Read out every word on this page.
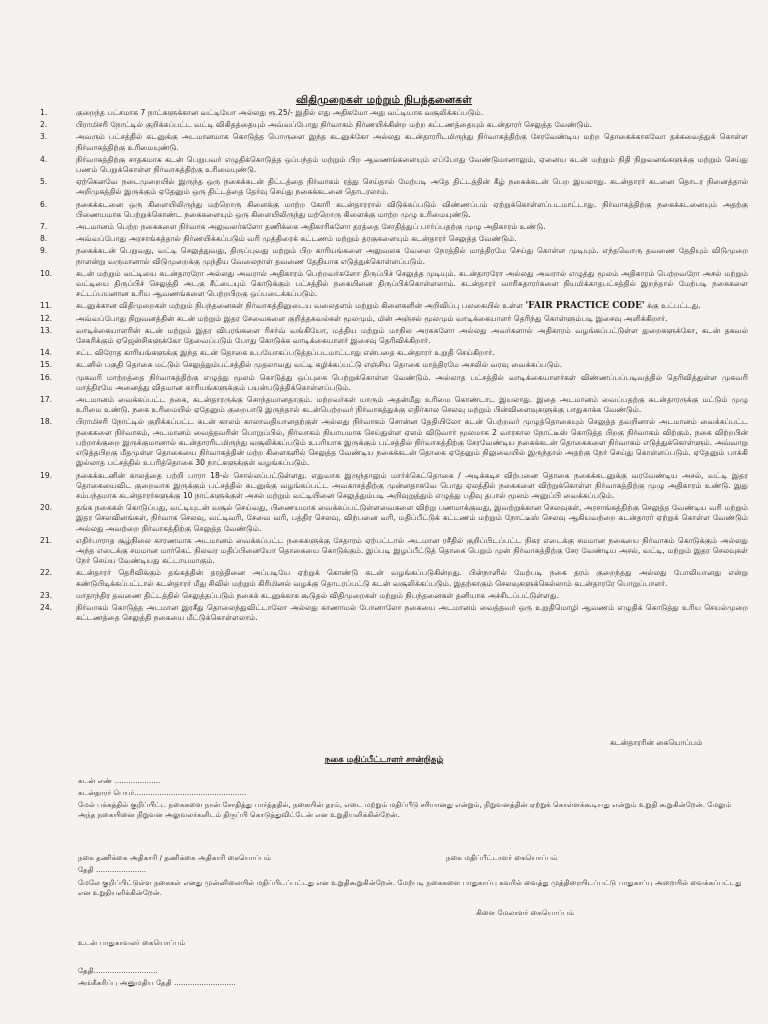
விதிமுறைகள் மற்றும் நிபந்தனைகள்
1.	குறைந்த பட்சமாக 7 நாட்களுக்கான வட்டியோ அல்லது ரூ.25/- இதில் எது அதிகமோ அது வட்டியாக வசூலிக்கப்படும்.
2.	பிராமிசரி நோட்டில் குறிக்கப்பட்ட வட்டி விகிதத்தையும் அவ்வப்போது நிர்வாகம் நிர்ணயிக்கின்ற மற்ற கட்டணத்தையும் கடன்தாரர் செலுத்த வேண்டும்.
3.	அவரும் பட்சத்தில் கடனுக்கு அடமானமாக கொடுத்த பொருளை இந்த கடனுக்கோ அல்லது கடன்தாரரிடமிருந்து நிர்வாகத்திற்கு சேரவேண்டிய மற்ற தொகைக்காகவோ தக்கவைத்துக் கொள்ள நிர்வாகத்திற்கு உரிமையுண்டு.
4.	நிர்வாகத்திற்கு சாதகமாக கடன் பெறுபவர் எழுதிக்கொடுத்த ஒப்பந்தம் மற்றும் பிற ஆவணங்களையும் எப்போது வேண்டுமானாலும், ஏனைய கடன் மற்றும் நிதி நிறுவனங்களுக்கு மற்றும் செய்து பணம் பெறுக்கொள்ள நிர்வாகத்திற்கு உரிமையுண்டு.
5.	ஏற்கெனவே நடைமுறையில் இருந்த ஒரு நகைக்கடன் திட்டத்தை நிர்வாகம் ரத்து செய்தால் மேற்படி அதே திட்டத்தின் கீழ் நகைக்கடன் பெற இயலாது. கடன்தாரர் கடனை தொடர நினைத்தால் அறிமுகத்தில் இருக்கும் ஏதேனும் ஒரு திட்டத்தை தேர்வு செய்து நகைக்கடனை தொடரலாம்.
6.	நகைக்கடனை ஒரு கிளையிலிருந்து மற்றொரு கிளைக்கு மாற்ற கோரி கடன்தாரரால் விடுக்கப்படும் விண்ணப்பம் ஏற்றுக்கொள்ளப்படமாட்டாது. நிர்வாகத்திற்கு நகைக்கடனையும் அதற்கு பிணையமாக பெற்றுக்கொண்ட நகைகளையும் ஒரு கிளையிலிருந்து மற்றொரு கிளைக்கு மாற்ற முழு உரிமையுண்டு.
7.	அடமானம் பெற்ற நகைகளை நிர்வாக அலுவலர்களோ தணிக்கை அதிகாரிகளோ தரத்தை சோதித்துப் பார்ப்பதற்கு முழு அதிகாரம் உண்டு.
8.	அவ்வப்போது அரசாங்கத்தால் நிர்ணயிக்கப்படும் வரி முத்திரைக் கட்டணம் மற்றும் தரகுகளையும் கடன்தாரர் செலுத்த வேண்டும்.
9.	நகைக்கடன் பெறுவது, வட்டி செலுத்துவது, திருப்புவது மற்றும் பிற காரியங்களை அலுவலக வேலை நேரத்தில் மாத்திரமே செய்து கொள்ள முடியும். எந்தவொரு தவணை தேதியும் விடுமுறை நாளன்று வருமானால் விடுமுறைக்கு முந்திய வேலைநாள் தவணை தேதியாக எடுத்துக்கொள்ளப்படும்.
10.	கடன் மற்றும் வட்டியை கடன்தாரரோ அல்லது அவரால் அதிகாரம் பெற்றவர்களோ திருப்பிச் செலுத்த முடியும். கடன்தாரரோ அல்லது அவரால் எழுத்து மூலம் அதிகாரம் பெற்றவரோ அசல் மற்றும் வட்டியை திருப்பிச் செலுத்தி அடகு சீட்டையும் கொடுக்கும் பட்சத்தில் நகையினை திருப்பிக்கொள்ளலாம். கடன்தாரர் வாரிசுதாரர்களை நியமிக்காதபட்சத்தில் இறந்தால் மேற்படி நகைகளை சட்டப்பயனான உரிய ஆவணங்களை பெற்றபிறகு ஒப்படைக்கப்படும்.
11.	கடனுக்கான விதிமுறைகள் மற்றும் நிபந்தனைகள் நிர்வாகத்தினுடைய வலைதளம் மற்றும் கிளைகளின் அறிவிப்பு பலகையில் உள்ள 'FAIR PRACTICE CODE' க்கு உட்பட்டது.
12.	அவ்வப்போது நிறுவனத்தின் கடன் மற்றும் இதர சேவைகளை குறித்தகவல்கள் மூலமும், மின் அஞ்சல் மூலமும் வாடிக்கையாளர் தெரிந்து கொள்ளும்படி இசைவு அளிக்கிறார்.
13.	வாடிக்கையாளரின் கடன் மற்றும் இதர விபரங்களை ரிசர்வ் வங்கியோ, மத்திய மற்றும் மாநில அரசுகளோ அல்லது அவர்களால் அதிகாரம் வழங்கப்பட்டுள்ள துறைகளுக்கோ, கடன் தகவல் சேகரிக்கும் ஏஜென்சிகளுக்கோ தேவைப்படும் போது கொடுக்க வாடிக்கையாளர் இசைவு தெரிவிக்கிறார்.
14.	சட்ட விரோத காரியங்களுக்கு இந்த கடன் தொகை உபயோகப்படுத்தப்படமாட்டாது என்பதை கடன்தாரர் உறுதி செய்கிறார்.
15.	கடனில் பகுதி தொகை மட்டும் செலுத்தும்பட்சத்தில் முதலாவது வட்டி கழிக்கப்பட்டு எஞ்சிய தொகை மாத்திரமே அசலில் வரவு வைக்கப்படும்.
16.	முகவரி மாற்றத்தை நிர்வாகத்திற்கு எழுத்து மூலம் கொடுத்து ஒப்புகை பெற்றுக்கொள்ள வேண்டும். அல்லாத பட்சத்தில் வாடிக்கையாளர்கள் விண்ணப்பப்படிவத்தில் தெரிவித்துள்ள முகவரி மாத்திரமே அனைத்து விதமான காரியங்களுக்கும் பயன்படுத்திக்கொள்ளப்படும்.
17.	அடமானம் வைக்கப்பட்ட நகை, கடன்தாரருக்கு சொந்தமானதாகும். மற்றவர்கள் யாரும் அதன்மீது உரிமை கொண்டாட இயலாது. இதை அடமானம் வைப்பதற்கு கடன்தாரருக்கு மட்டும் முழு உரிமை உண்டு. நகை உரிமையில் ஏதேனும் குறைபாடு இருந்தால் கடன்பெற்றவர் நிர்வாகத்துக்கு எதிர்கால செலவு மற்றும் பின்விளைவுகளுக்கு பாதுகாக்க வேண்டும்.
18.	பிராமிசரி நோட்டில் குறிக்கப்பட்ட கடன் காலம் காலாவதியானதற்குள் அல்லது நிர்வாகம் சொன்ன தேதியிலோ கடன் பெற்றவர் முழுத்தொகையும் செலுத்த தவறினால் அடமானம் வைக்கப்பட்ட நகைகளை நிர்வாகம், அடமானம் வைத்தவரின் பொறுப்பில், நிர்வாகம் நியாயமாக செய்துள்ள ஏலம் விடுவார் மூலமாக 2 வாரகால நோட்டீஸ் கொடுத்த பிறகு நிர்வாகம் விற்கும். நகை விற்றபின் பற்றாக்குறை இருக்குமானால் கடன்தாரரிடமிருந்து வசூலிக்கப்படும் உபரியாக இருக்கும் பட்சத்தில் நிர்வாகத்திற்கு சேரவேண்டிய நகைக்கடன் தொகைகளை நிர்வாகம் எடுத்துக்கொள்ளும். அவ்வாறு எடுத்தபிறகு மீதமுள்ள தொகையை நிர்வாகத்தின் மற்ற கிளைகளில் செலுத்த வேண்டிய நகைக்கடன் தொகை ஏதேனும் நிலுவையில் இருந்தால் அதற்கு நேர் செய்து கொள்ளப்படும். ஏதேனும் பாக்கி இல்லாத பட்சத்தில் உபரித்தொகை 30 நாட்களுக்குள் வழங்கப்படும்.
19.	நகைக்கடனின் காலத்தை பற்றி பாரா 18-ல் சொல்லப்பட்டுள்ளது. எதுவாக இருந்தாலும் மார்க்கெட்தொகை / அடிக்கடிச விற்பனை தொகை நகைக்கடனுக்கு வரவேண்டிய அசல், வட்டி இதர தொகையைவிட குறைவாக இருக்கும் பட்சத்தில் கடனுக்கு வழங்கப்பட்ட அவகாசத்திற்கு முன்னதாகவே பொது ஏலத்தில் நகைகளை விற்றுக்கொள்ள நிர்வாகத்திற்கு முழு அதிகாரம் உண்டு. இது சம்பந்தமாக கடன்தாரர்களுக்கு 10 நாட்களுக்குள் அசல் மற்றும் வட்டியினை செலுத்தும்படி அறிவுறுத்தும் எழுத்து பதிவு தபால் மூலம் அனுப்பி வைக்கப்படும்.
20.	தங்க நகைகள் கொடுப்பது, வட்டியுடன் வசூல் செய்வது, பிணையமாக வைக்கப்பட்டுள்ளவைகளை விற்று பணமாக்குவது, இவற்றுக்கான செலவுகள், அரசாங்கத்திற்கு செலுத்த வேண்டிய வரி மற்றும் இதர செலவினங்கள், நிர்வாக செலவு, வட்டிவரி, சேவை வரி, பத்திர செலவு, விற்பனை வரி, மதிப்பீட்டுக் கட்டணம் மற்றும் நோட்டீஸ் செலவு ஆகியவற்றை கடன்தாரர் ஏற்றுக் கொள்ள வேண்டும் அல்லது அவற்றை நிர்வாகத்திற்கு செலுத்த வேண்டும்.
21.	எதிர்பாராத சூழ்நிலை காரணமாக அடமானம் வைக்கப்பட்ட நகைகளுக்கு சேதாரம் ஏற்பட்டால் அடமான ரசீதில் குறிப்பிடப்பட்ட நிகர எடைக்கு சமமான நகையை நிர்வாகம் கொடுக்கும் அல்லது அந்த எடைக்கு சமமான மார்கெட் நிலவர மதிப்பினையோ தொகையை கொடுக்கும். இப்படி இழப்பீட்டுத் தொகை பெறும் முன் நிர்வாகத்திற்கு சேர வேண்டிய அசல், வட்டி, மற்றும் இதர செலவுகள் நேர் செய்ய வேண்டியது கட்டாயமாகும்.
22.	கடன்தாரர் தெரிவிக்கும் தங்கத்தின் தரத்தினை அப்படியே ஏற்றுக் கொண்டு கடன் வழங்கப்படுகின்றது. பின்நாளில் மேற்படி நகை தரம் குறைந்தது அல்லது போலியானது என்று கண்டுபிடிக்கப்பட்டால் கடன்தாரர் மீது சிவில் மற்றும் கிரிமினல் வழக்கு தொடரப்பட்டு கடன் வசூலிக்கப்படும். இதற்காகும் செலவுகளுக்கெல்லாம் கடன்தாரரே பொறுப்பாளர்.
23.	மாதாந்திர தவணை திட்டத்தில் செலுத்தப்படும் நகைக் கடனுக்காக கூடுதல் விதிமுறைகள் மற்றும் நிபந்தனைகள் தனியாக அச்சிடப்பட்டுள்ளது.
24.	நிர்வாகம் கொடுத்த அடமான இரசீது தொலைந்துவிட்டாலோ அல்லது காணாமல் போனாலோ நகையை அடமானம் வைத்தவர் ஒரு உறுதிமொழி ஆவணம் எழுதிக் கொடுத்து உரிய செயல்முறை கட்டணத்தை செலுத்தி நகையை மீட்டுக்கொள்ளலாம்.
கடன்தாரரின் கையொப்பம்
நகை மதிப்பீட்டாளர் சான்றிதழ்
கடன் எண் ....................
கடன்தாரர் பெயர்.................................................
மேல் பக்கத்தில் குறிப்பிட்ட நகைகளை நான் சோதித்து பார்த்ததில், நகையின் தரம், எடை மற்றும் மதிப்பீடு சரியானது என்றும், நிறுவனத்தின் ஏற்றுக் கொள்ளக்கூடியது என்றும் உறுதி கூறுகின்றேன். மேலும் அந்த நகையினை நிறுவன அலுவலர்களிடம் திருப்பி கொடுத்துவிட்டேன் என உறுதியளிக்கின்றேன்.
நகை தணிக்கை அதிகாரி / தணிக்கை அதிகாரி கையொப்பம்	நகை மதிப்பீட்டாளர் கையொப்பம்
தேதி ......................
மேலே குறிப்பிட்டுள்ள நகைகள் எனது முன்னிலையில் மதிப்பிடப்பட்டது என உறுதிகூறுகின்றேன். மேற்படி நகைகளை பாதுகாப்பு கவரில் வைத்து முத்திரையிடப்பட்டு பாதுகாப்பு அறையில் வைக்கப்பட்டது என உறுதியளிக்கின்றேன்.
உடன் பாதுகாவலர் கையொப்பம்
கிளை மேலாளர் கையொப்பம்
தேதி............................
அங்கீகரிப்பு அனுமதிய தேதி ...........................
